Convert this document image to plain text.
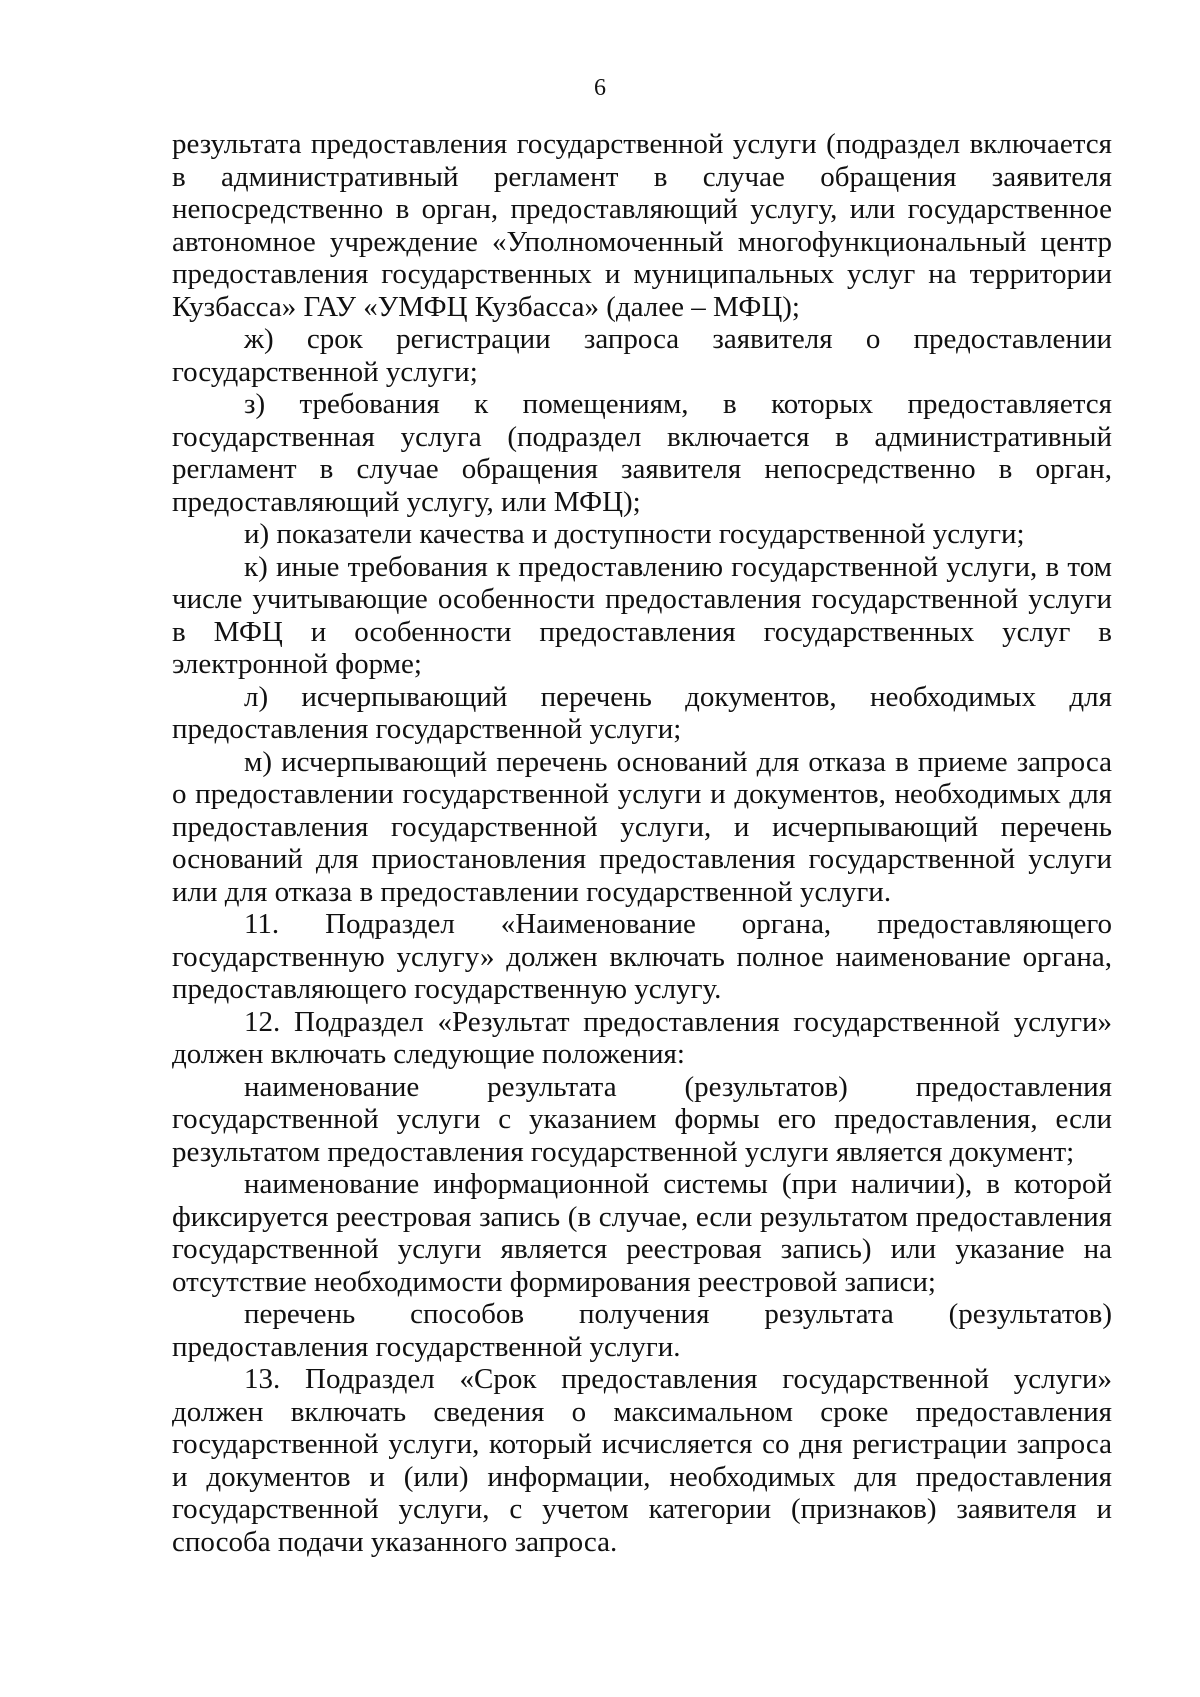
6

результата предоставления государственной услуги (подраздел включается в административный регламент в случае обращения заявителя непосредственно в орган, предоставляющий услугу, или государственное автономное учреждение «Уполномоченный многофункциональный центр предоставления государственных и муниципальных услуг на территории Кузбасса» ГАУ «УМФЦ Кузбасса» (далее – МФЦ);

ж) срок регистрации запроса заявителя о предоставлении государственной услуги;

з) требования к помещениям, в которых предоставляется государственная услуга (подраздел включается в административный регламент в случае обращения заявителя непосредственно в орган, предоставляющий услугу, или МФЦ);

и) показатели качества и доступности государственной услуги;

к) иные требования к предоставлению государственной услуги, в том числе учитывающие особенности предоставления государственной услуги в МФЦ и особенности предоставления государственных услуг в электронной форме;

л) исчерпывающий перечень документов, необходимых для предоставления государственной услуги;

м) исчерпывающий перечень оснований для отказа в приеме запроса о предоставлении государственной услуги и документов, необходимых для предоставления государственной услуги, и исчерпывающий перечень оснований для приостановления предоставления государственной услуги или для отказа в предоставлении государственной услуги.

11. Подраздел «Наименование органа, предоставляющего государственную услугу» должен включать полное наименование органа, предоставляющего государственную услугу.

12. Подраздел «Результат предоставления государственной услуги» должен включать следующие положения:

наименование результата (результатов) предоставления государственной услуги с указанием формы его предоставления, если результатом предоставления государственной услуги является документ;

наименование информационной системы (при наличии), в которой фиксируется реестровая запись (в случае, если результатом предоставления государственной услуги является реестровая запись) или указание на отсутствие необходимости формирования реестровой записи;

перечень способов получения результата (результатов) предоставления государственной услуги.

13. Подраздел «Срок предоставления государственной услуги» должен включать сведения о максимальном сроке предоставления государственной услуги, который исчисляется со дня регистрации запроса и документов и (или) информации, необходимых для предоставления государственной услуги, с учетом категории (признаков) заявителя и способа подачи указанного запроса.
